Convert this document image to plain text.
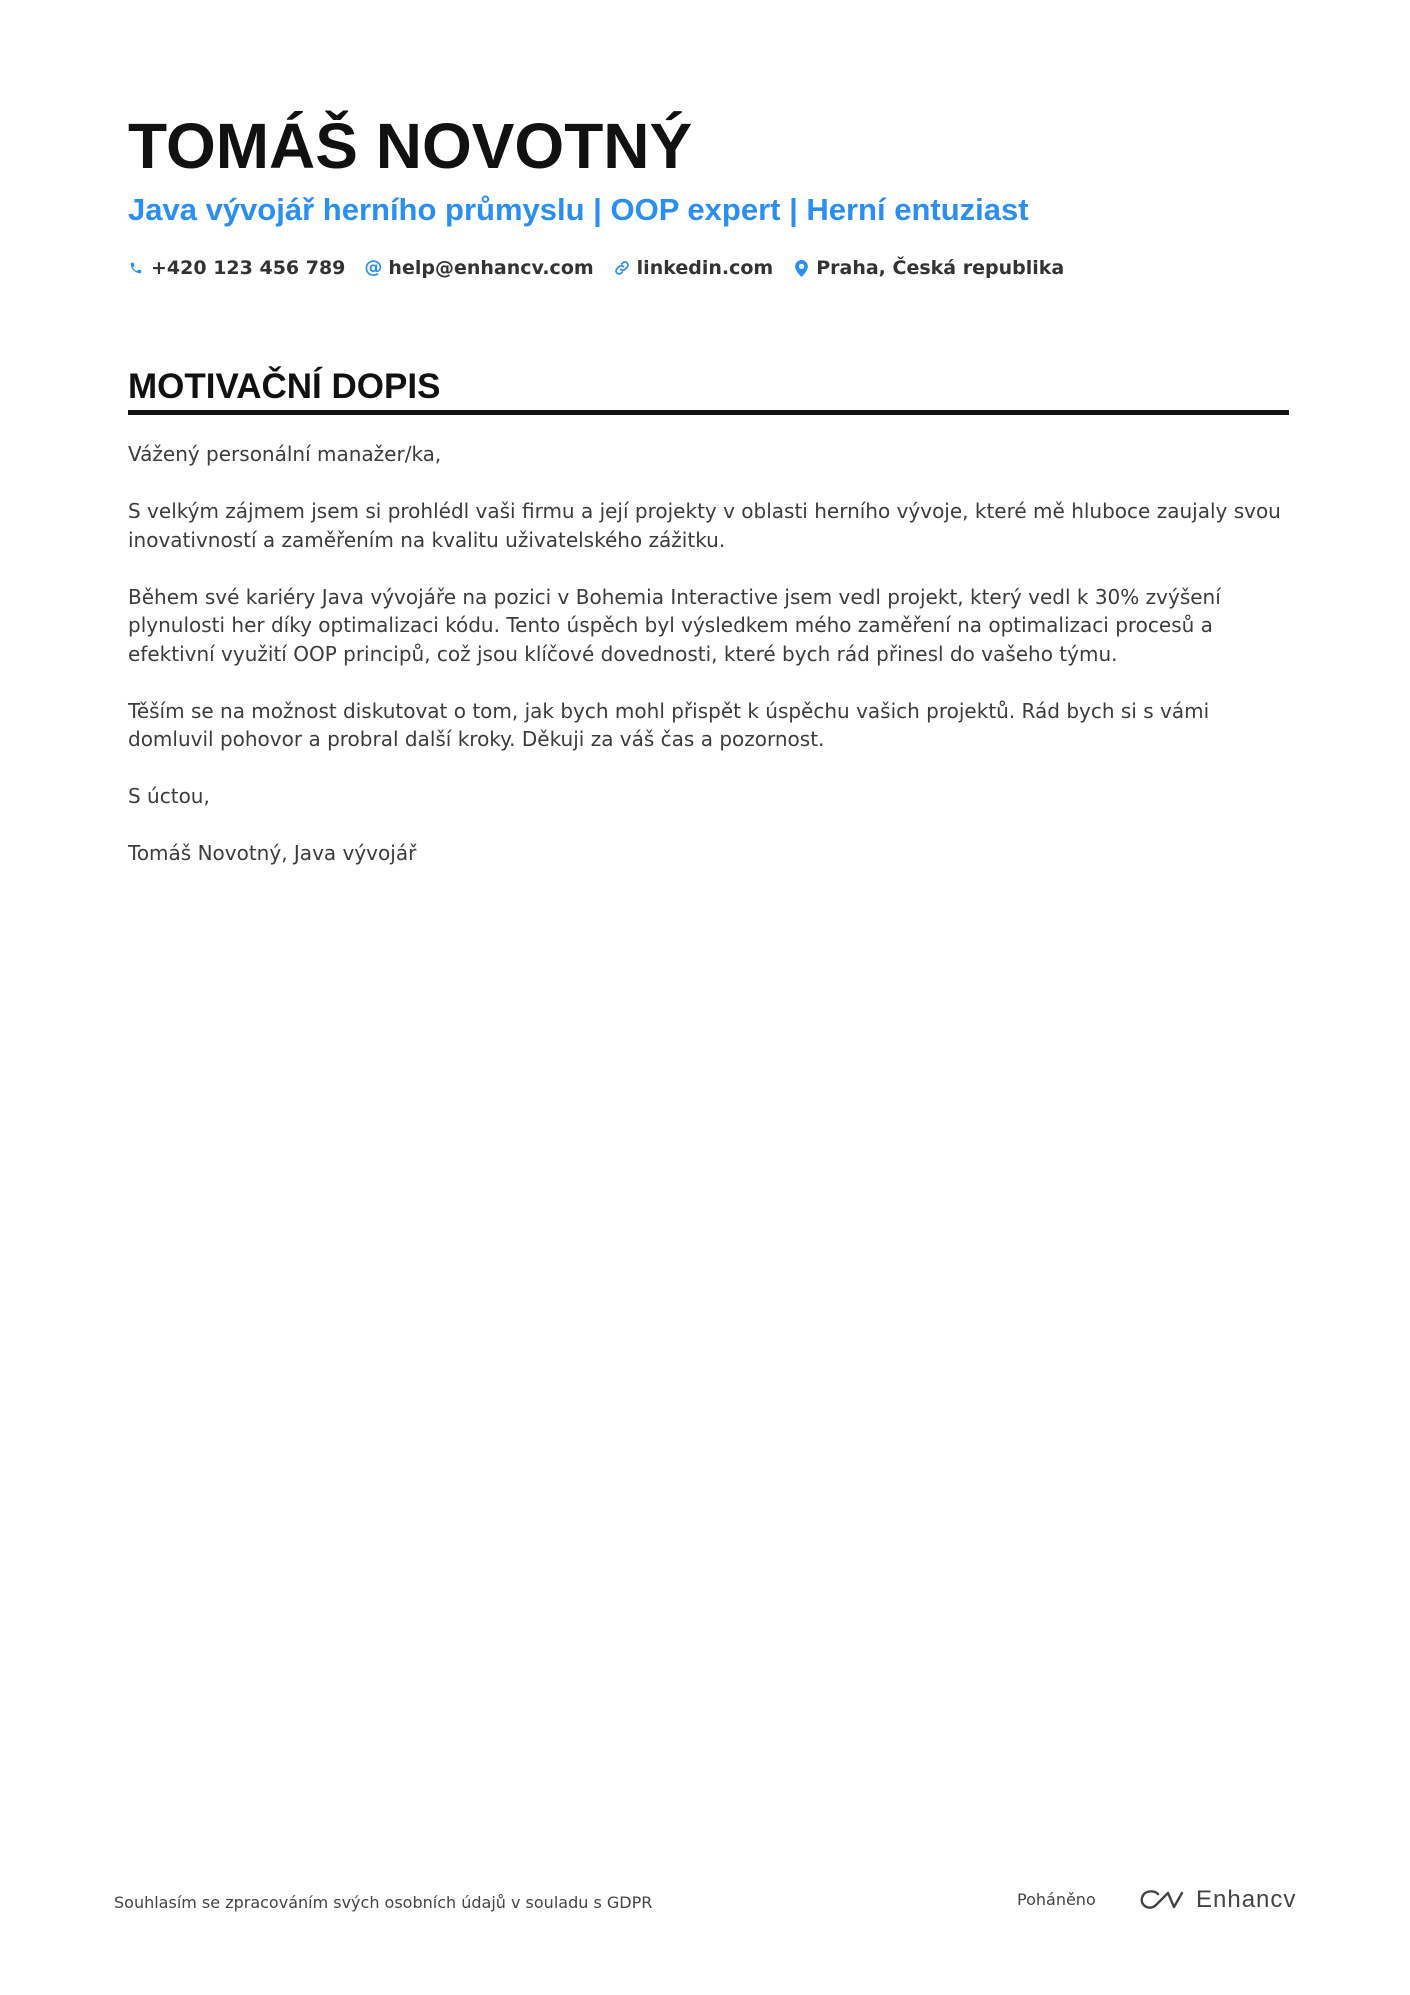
TOMÁŠ NOVOTNÝ
Java vývojář herního průmyslu | OOP expert | Herní entuziast
+420 123 456 789 @ help@enhancv.com linkedin.com Praha, Česká republika
MOTIVAČNÍ DOPIS

Vážený personální manažer/ka,

S velkým zájmem jsem si prohlédl vaši firmu a její projekty v oblasti herního vývoje, které mě hluboce zaujaly svou inovativností a zaměřením na kvalitu uživatelského zážitku.

Během své kariéry Java vývojáře na pozici v Bohemia Interactive jsem vedl projekt, který vedl k 30% zvýšení plynulosti her díky optimalizaci kódu. Tento úspěch byl výsledkem mého zaměření na optimalizaci procesů a efektivní využití OOP principů, což jsou klíčové dovednosti, které bych rád přinesl do vašeho týmu.

Těším se na možnost diskutovat o tom, jak bych mohl přispět k úspěchu vašich projektů. Rád bych si s vámi domluvil pohovor a probral další kroky. Děkuji za váš čas a pozornost.

S úctou,

Tomáš Novotný, Java vývojář

Souhlasím se zpracováním svých osobních údajů v souladu s GDPR	Poháněno	Enhancv
